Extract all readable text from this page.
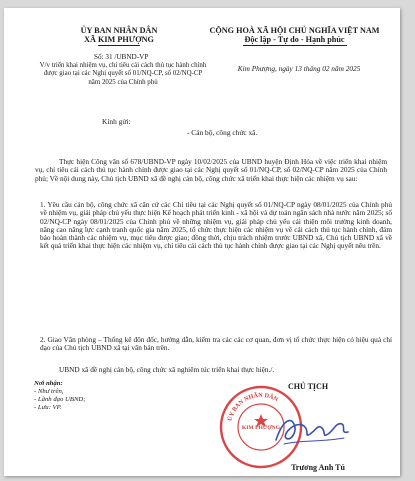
ỦY BAN NHÂN DÂN
XÃ KIM PHƯỢNG
CỘNG HOÀ XÃ HỘI CHỦ NGHĨA VIỆT NAM
Độc lập - Tự do - Hạnh phúc
Số: 31 /UBND-VP
V/v triển khai nhiệm vụ, chỉ tiêu cải cách thủ tục hành chính được giao tại các Nghị quyết số 01/NQ-CP, số 02/NQ-CP năm 2025 của Chính phủ
Kim Phượng, ngày 13 tháng 02 năm 2025
Kính gửi:
- Cán bộ, công chức xã.
Thực hiện Công văn số 678/UBND-VP ngày 10/02/2025 của UBND huyện Định Hóa về việc triển khai nhiệm vụ, chỉ tiêu cải cách thủ tục hành chính được giao tại các Nghị quyết số 01/NQ-CP, số 02/NQ-CP năm 2025 của Chính phủ; Về nội dung này, Chủ tịch UBND xã đề nghị cán bộ, công chức xã triển khai thực hiện các nhiệm vụ sau:
1. Yêu cầu cán bộ, công chức xã căn cứ các Chỉ tiêu tại các Nghị quyết số 01/NQ-CP ngày 08/01/2025 của Chính phủ về nhiệm vụ, giải pháp chủ yếu thực hiện Kế hoạch phát triển kinh - xã hội và dự toán ngân sách nhà nước năm 2025; số 02/NQ-CP ngày 08/01/2025 của Chính phủ về những nhiệm vụ, giải pháp chủ yếu cải thiện môi trường kinh doanh, nâng cao năng lực cạnh tranh quốc gia năm 2025, tổ chức thực hiện các nhiệm vụ về cải cách thủ tục hành chính, đảm bảo hoàn thành các nhiệm vụ, mục tiêu được giao; đồng thời, chịu trách nhiệm trước UBND xã, Chủ tịch UBND xã về kết quả triển khai thực hiện các nhiệm vụ, chỉ tiêu cải cách thủ tục hành chính được giao tại các Nghị quyết nêu trên.
2. Giao Văn phòng – Thống kê đôn đốc, hướng dẫn, kiểm tra các các cơ quan, đơn vị tổ chức thực hiện có hiệu quả chỉ đạo của Chủ tịch UBND xã tại văn bản trên.
UBND xã đề nghị cán bộ, công chức xã nghiêm túc triển khai thực hiện./.
Nơi nhận:
- Như trên,
- Lãnh đạo UBND;
- Lưu: VP.
ỦY BAN NHÂN DÂN
KIM PHƯỢNG
CHỦ TỊCH
Trương Anh Tú
